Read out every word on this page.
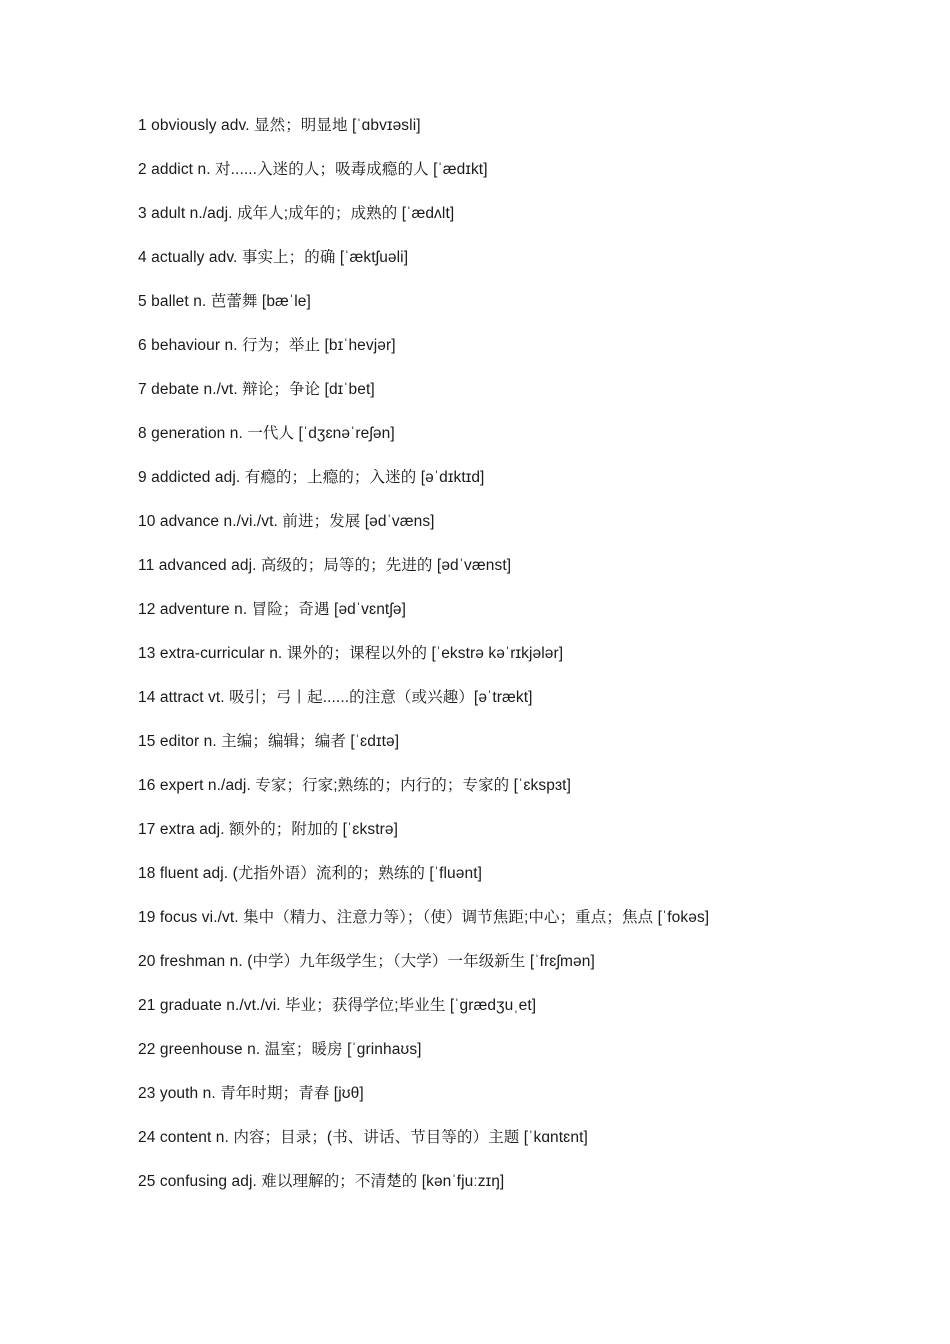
1 obviously adv. 显然；明显地 [ˈɑbvɪəsli]
2 addict n. 对......入迷的人；吸毒成瘾的人 [ˈædɪkt]
3 adult n./adj. 成年人;成年的；成熟的 [ˈædʌlt]
4 actually adv. 事实上；的确 [ˈæktʃuəli]
5 ballet n. 芭蕾舞 [bæˈle]
6 behaviour n. 行为；举止 [bɪˈhevjər]
7 debate n./vt. 辩论；争论 [dɪˈbet]
8 generation n. 一代人 [ˈdʒɛnəˈreʃən]
9 addicted adj. 有瘾的；上瘾的；入迷的 [əˈdɪktɪd]
10 advance n./vi./vt. 前进；发展 [ədˈvæns]
11 advanced adj. 高级的；局等的；先进的 [ədˈvænst]
12 adventure n. 冒险；奇遇 [ədˈvɛntʃə]
13 extra-curricular n. 课外的；课程以外的 [ˈekstrə kəˈrɪkjələr]
14 attract vt. 吸引；弓丨起......的注意（或兴趣）[əˈtrækt]
15 editor n. 主编；编辑；编者 [ˈɛdɪtə]
16 expert n./adj. 专家；行家;熟练的；内行的；专家的 [ˈɛkspɜt]
17 extra adj. 额外的；附加的 [ˈɛkstrə]
18 fluent adj. (尤指外语）流利的；熟练的 [ˈfluənt]
19 focus vi./vt. 集中（精力、注意力等）；（使）调节焦距;中心；重点；焦点 [ˈfokəs]
20 freshman n. (中学）九年级学生；（大学）一年级新生 [ˈfrɛʃmən]
21 graduate n./vt./vi. 毕业；获得学位;毕业生 [ˈgrædʒuˌet]
22 greenhouse n. 温室；暖房 [ˈgrinhaʊs]
23 youth n. 青年时期；青春 [jʊθ]
24 content n. 内容；目录；(书、讲话、节目等的）主题 [ˈkɑntɛnt]
25 confusing adj. 难以理解的；不清楚的 [kənˈfjuːzɪŋ]
